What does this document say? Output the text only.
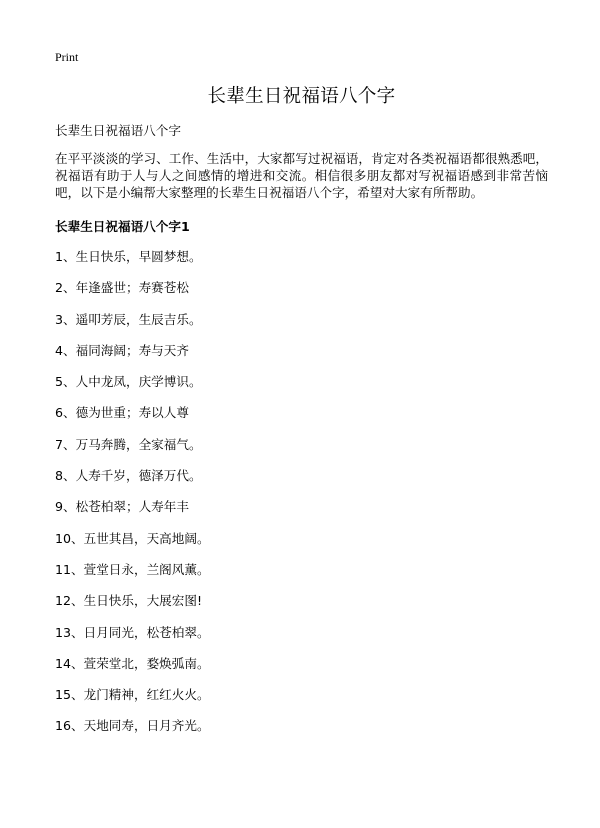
Print
长辈生日祝福语八个字

长辈生日祝福语八个字

在平平淡淡的学习、工作、生活中，大家都写过祝福语，肯定对各类祝福语都很熟悉吧，祝福语有助于人与人之间感情的增进和交流。相信很多朋友都对写祝福语感到非常苦恼吧，以下是小编帮大家整理的长辈生日祝福语八个字，希望对大家有所帮助。

长辈生日祝福语八个字1
1、生日快乐，早圆梦想。
2、年逢盛世；寿赛苍松
3、遥叩芳辰，生辰吉乐。
4、福同海阔；寿与天齐
5、人中龙凤，庆学博识。
6、德为世重；寿以人尊
7、万马奔腾，全家福气。
8、人寿千岁，德泽万代。
9、松苍柏翠；人寿年丰
10、五世其昌，天高地阔。
11、萱堂日永，兰阁风薰。
12、生日快乐，大展宏图!
13、日月同光，松苍柏翠。
14、萱荣堂北，婺焕弧南。
15、龙门精神，红红火火。
16、天地同寿，日月齐光。
